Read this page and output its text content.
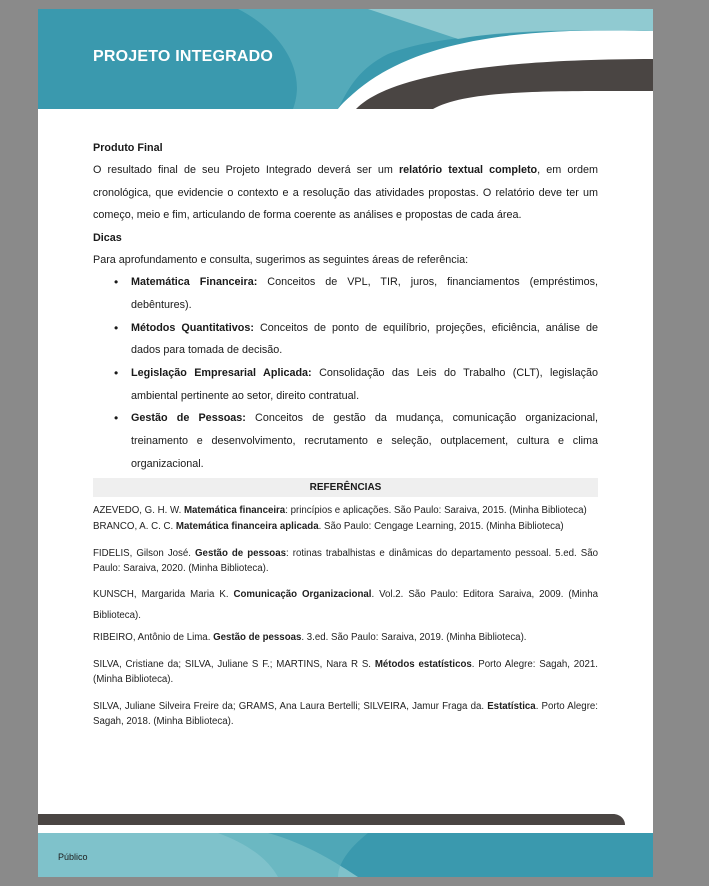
PROJETO INTEGRADO
Produto Final
O resultado final de seu Projeto Integrado deverá ser um relatório textual completo, em ordem cronológica, que evidencie o contexto e a resolução das atividades propostas. O relatório deve ter um começo, meio e fim, articulando de forma coerente as análises e propostas de cada área.
Dicas
Para aprofundamento e consulta, sugerimos as seguintes áreas de referência:
• Matemática Financeira: Conceitos de VPL, TIR, juros, financiamentos (empréstimos, debêntures).
• Métodos Quantitativos: Conceitos de ponto de equilíbrio, projeções, eficiência, análise de dados para tomada de decisão.
• Legislação Empresarial Aplicada: Consolidação das Leis do Trabalho (CLT), legislação ambiental pertinente ao setor, direito contratual.
• Gestão de Pessoas: Conceitos de gestão da mudança, comunicação organizacional, treinamento e desenvolvimento, recrutamento e seleção, outplacement, cultura e clima organizacional.
REFERÊNCIAS
AZEVEDO, G. H. W. Matemática financeira: princípios e aplicações. São Paulo: Saraiva, 2015. (Minha Biblioteca)
BRANCO, A. C. C. Matemática financeira aplicada. São Paulo: Cengage Learning, 2015. (Minha Biblioteca)
FIDELIS, Gilson José. Gestão de pessoas: rotinas trabalhistas e dinâmicas do departamento pessoal. 5.ed. São Paulo: Saraiva, 2020. (Minha Biblioteca).
KUNSCH, Margarida Maria K. Comunicação Organizacional. Vol.2. São Paulo: Editora Saraiva, 2009. (Minha Biblioteca).
RIBEIRO, Antônio de Lima. Gestão de pessoas. 3.ed. São Paulo: Saraiva, 2019. (Minha Biblioteca).
SILVA, Cristiane da; SILVA, Juliane S F.; MARTINS, Nara R S. Métodos estatísticos. Porto Alegre: Sagah, 2021. (Minha Biblioteca).
SILVA, Juliane Silveira Freire da; GRAMS, Ana Laura Bertelli; SILVEIRA, Jamur Fraga da. Estatística. Porto Alegre: Sagah, 2018. (Minha Biblioteca).
Público
